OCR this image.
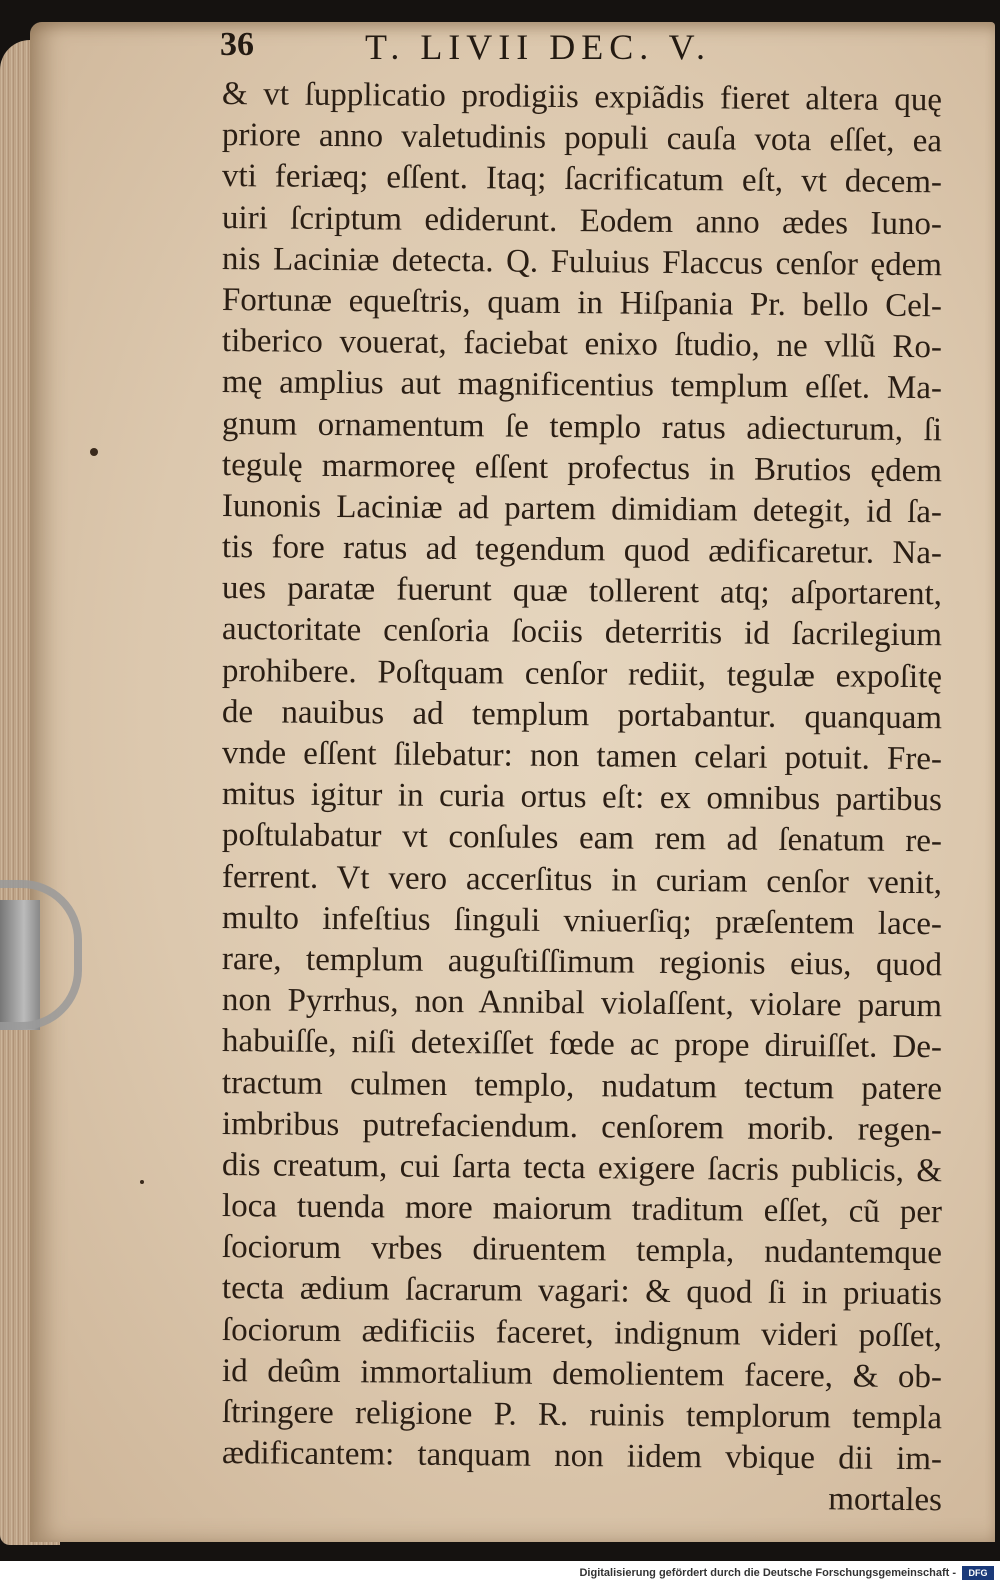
36	T. LIVII DEC. V.
& vt ſupplicatio prodigiis expiãdis fieret altera quę
priore anno valetudinis populi cauſa vota eſſet, ea
vti feriæq; eſſent. Itaq; ſacrificatum eſt, vt decem-
uiri ſcriptum ediderunt. Eodem anno ædes Iuno-
nis Laciniæ detecta. Q. Fuluius Flaccus cenſor ędem
Fortunæ equeſtris, quam in Hiſpania Pr. bello Cel-
tiberico vouerat, faciebat enixo ſtudio, ne vllũ Ro-
mę amplius aut magnificentius templum eſſet. Ma-
gnum ornamentum ſe templo ratus adiecturum, ſi
tegulę marmoreę eſſent profectus in Brutios ędem
Iunonis Laciniæ ad partem dimidiam detegit, id ſa-
tis fore ratus ad tegendum quod ædificaretur. Na-
ues paratæ fuerunt quæ tollerent atq; aſportarent,
auctoritate cenſoria ſociis deterritis id ſacrilegium
prohibere. Poſtquam cenſor rediit, tegulæ expoſitę
de nauibus ad templum portabantur. quanquam
vnde eſſent ſilebatur: non tamen celari potuit. Fre-
mitus igitur in curia ortus eſt: ex omnibus partibus
poſtulabatur vt conſules eam rem ad ſenatum re-
ferrent. Vt vero accerſitus in curiam cenſor venit,
multo infeſtius ſinguli vniuerſiq; præſentem lace-
rare, templum auguſtiſſimum regionis eius, quod
non Pyrrhus, non Annibal violaſſent, violare parum
habuiſſe, niſi detexiſſet fœde ac prope diruiſſet. De-
tractum culmen templo, nudatum tectum patere
imbribus putrefaciendum. cenſorem morib. regen-
dis creatum, cui ſarta tecta exigere ſacris publicis, &
loca tuenda more maiorum traditum eſſet, cũ per
ſociorum vrbes diruentem templa, nudantemque
tecta ædium ſacrarum vagari: & quod ſi in priuatis
ſociorum ædificiis faceret, indignum videri poſſet,
id deûm immortalium demolientem facere, & ob-
ſtringere religione P. R. ruinis templorum templa
ædificantem: tanquam non iidem vbique dii im-
mortales
Digitalisierung gefördert durch die Deutsche Forschungsgemeinschaft -	DFG
